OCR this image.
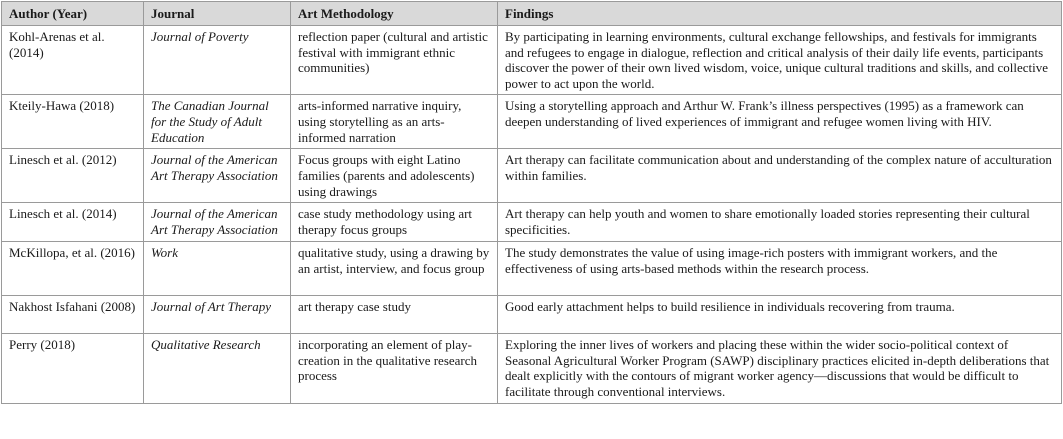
Author (Year)	Journal	Art Methodology	Findings
Kohl-Arenas et al. (2014)	Journal of Poverty	reflection paper (cultural and artistic festival with immigrant ethnic communities)	By participating in learning environments, cultural exchange fellowships, and festivals for immigrants and refugees to engage in dialogue, reflection and critical analysis of their daily life events, participants discover the power of their own lived wisdom, voice, unique cultural traditions and skills, and collective power to act upon the world.
Kteily-Hawa (2018)	The Canadian Journal for the Study of Adult Education	arts-informed narrative inquiry, using storytelling as an arts-informed narration	Using a storytelling approach and Arthur W. Frank’s illness perspectives (1995) as a framework can deepen understanding of lived experiences of immigrant and refugee women living with HIV.
Linesch et al. (2012)	Journal of the American Art Therapy Association	Focus groups with eight Latino families (parents and adolescents) using drawings	Art therapy can facilitate communication about and understanding of the complex nature of acculturation within families.
Linesch et al. (2014)	Journal of the American Art Therapy Association	case study methodology using art therapy focus groups	Art therapy can help youth and women to share emotionally loaded stories representing their cultural specificities.
McKillopa, et al. (2016)	Work	qualitative study, using a drawing by an artist, interview, and focus group	The study demonstrates the value of using image-rich posters with immigrant workers, and the effectiveness of using arts-based methods within the research process.
Nakhost Isfahani (2008)	Journal of Art Therapy	art therapy case study	Good early attachment helps to build resilience in individuals recovering from trauma.
Perry (2018)	Qualitative Research	incorporating an element of play-creation in the qualitative research process	Exploring the inner lives of workers and placing these within the wider socio-political context of Seasonal Agricultural Worker Program (SAWP) disciplinary practices elicited in-depth deliberations that dealt explicitly with the contours of migrant worker agency—discussions that would be difficult to facilitate through conventional interviews.
